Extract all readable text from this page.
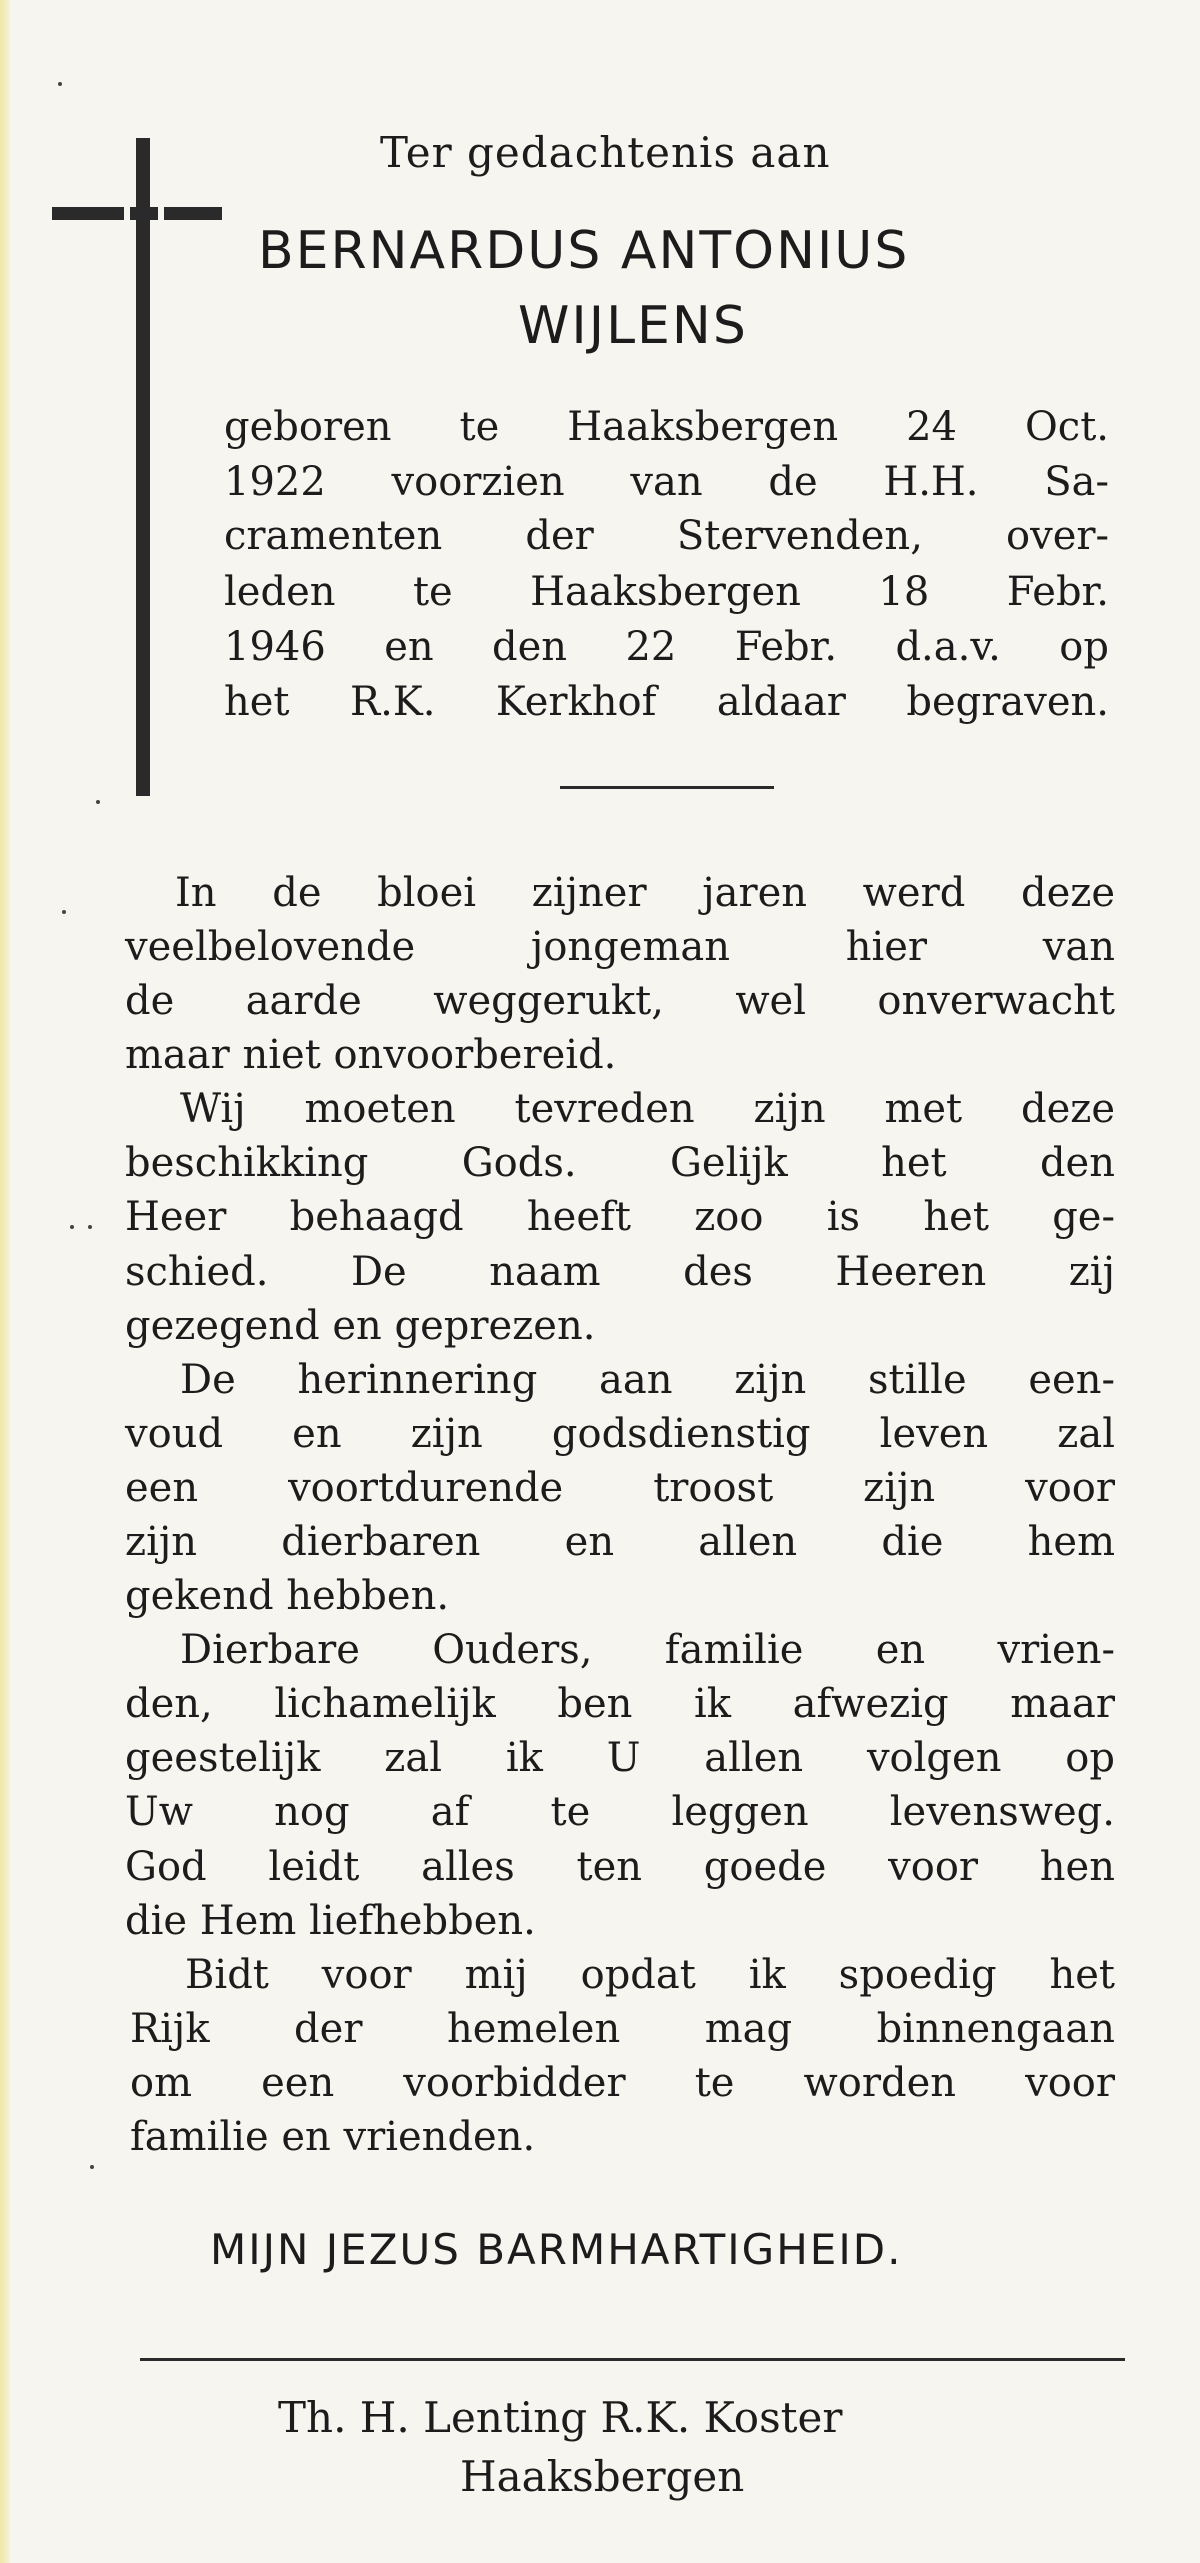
Ter gedachtenis aan
BERNARDUS ANTONIUS
WIJLENS
geboren te Haaksbergen 24 Oct.
1922 voorzien van de H.H. Sa-
cramenten der Stervenden, over-
leden te Haaksbergen 18 Febr.
1946 en den 22 Febr. d.a.v. op
het R.K. Kerkhof aldaar begraven.
In de bloei zijner jaren werd deze
veelbelovende jongeman hier van
de aarde weggerukt, wel onverwacht
maar niet onvoorbereid.
Wij moeten tevreden zijn met deze
beschikking Gods. Gelijk het den
Heer behaagd heeft zoo is het ge-
schied. De naam des Heeren zij
gezegend en geprezen.
De herinnering aan zijn stille een-
voud en zijn godsdienstig leven zal
een voortdurende troost zijn voor
zijn dierbaren en allen die hem
gekend hebben.
Dierbare Ouders, familie en vrien-
den, lichamelijk ben ik afwezig maar
geestelijk zal ik U allen volgen op
Uw nog af te leggen levensweg.
God leidt alles ten goede voor hen
die Hem liefhebben.
Bidt voor mij opdat ik spoedig het
Rijk der hemelen mag binnengaan
om een voorbidder te worden voor
familie en vrienden.
MIJN JEZUS BARMHARTIGHEID.
Th. H. Lenting R.K. Koster
Haaksbergen
